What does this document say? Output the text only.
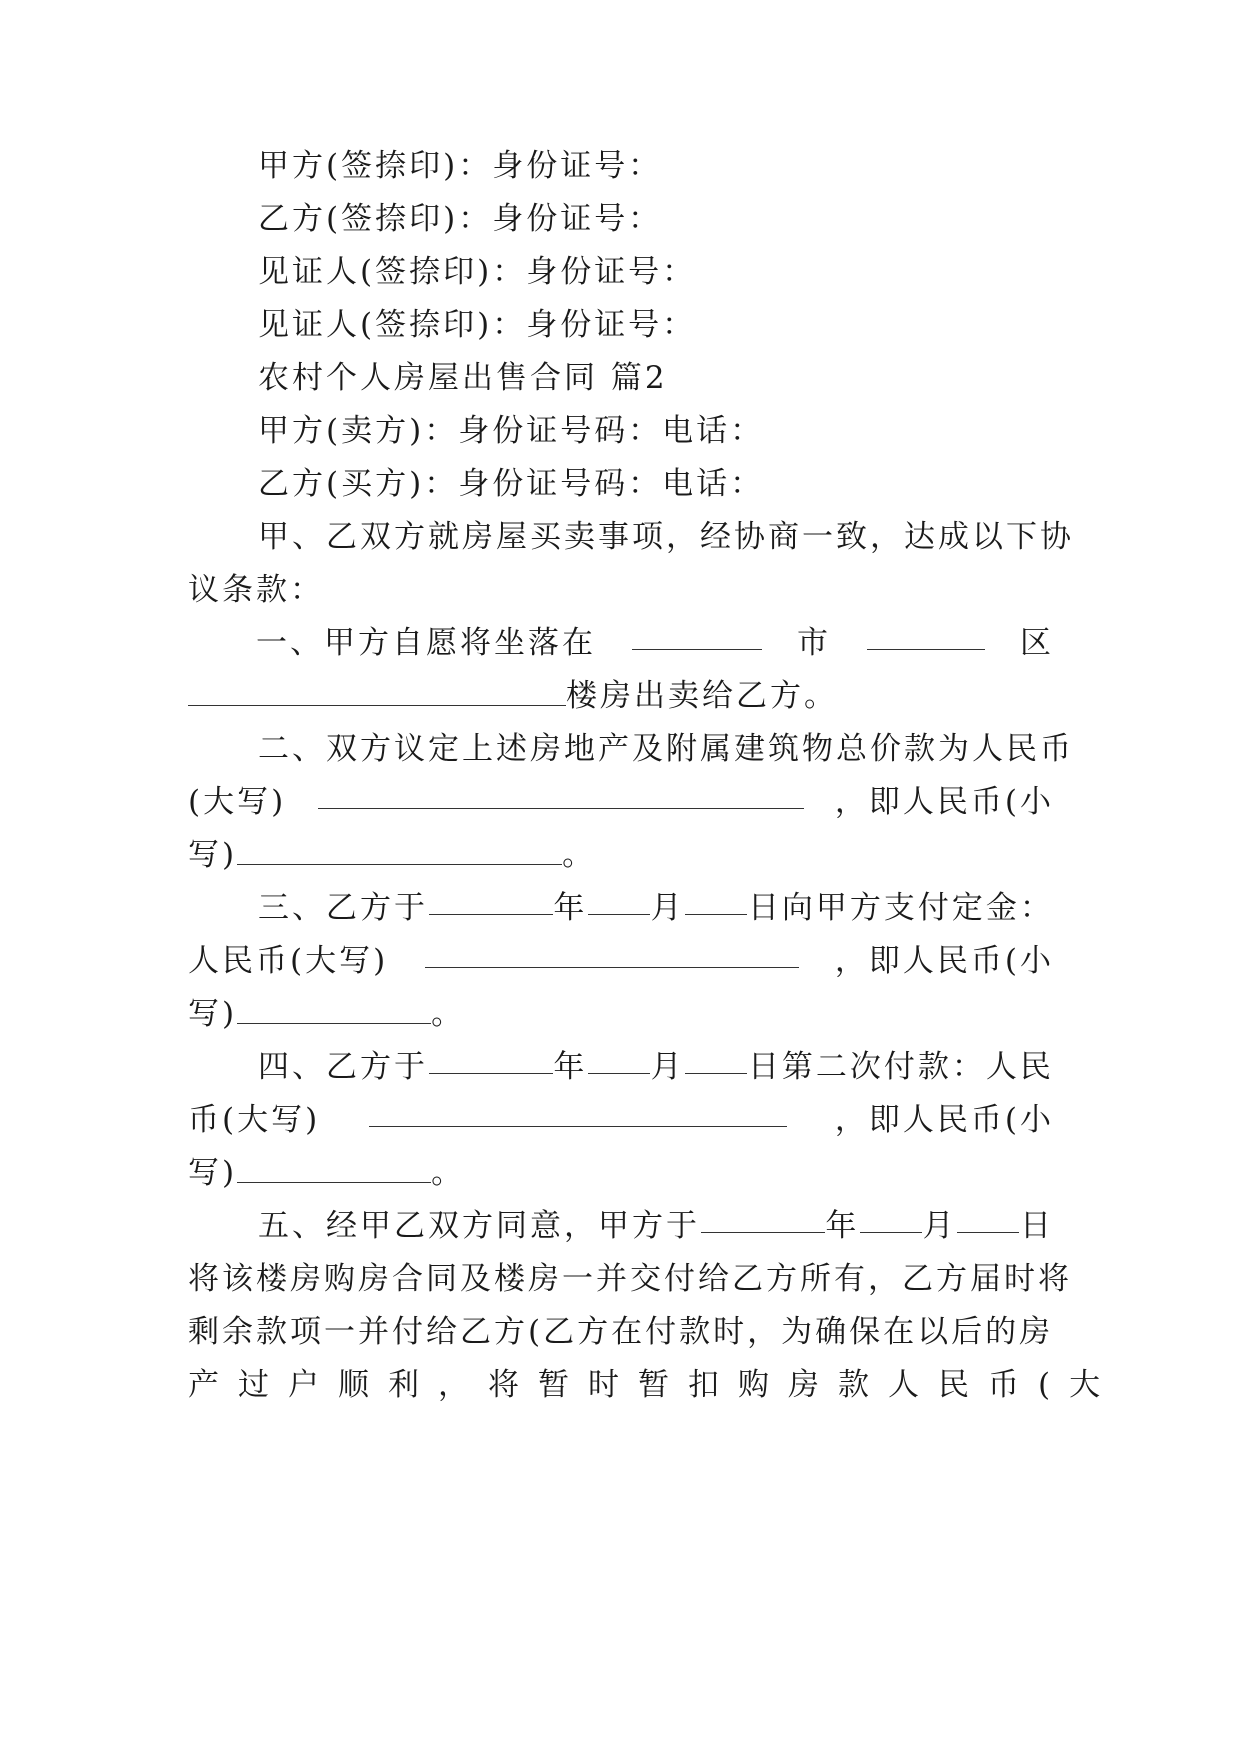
甲方(签捺印)：身份证号：
乙方(签捺印)：身份证号：
见证人(签捺印)：身份证号：
见证人(签捺印)：身份证号：
农村个人房屋出售合同 篇2
甲方(卖方)：身份证号码：电话：
乙方(买方)：身份证号码：电话：
甲、乙双方就房屋买卖事项，经协商一致，达成以下协
议条款：
一、甲方自愿将坐落在	市	区
楼房出卖给乙方。
二、双方议定上述房地产及附属建筑物总价款为人民币
(大写)	，即人民币(小
写)	。
三、乙方于	年 月 日向甲方支付定金：
人民币(大写)	，即人民币(小
写)	。
四、乙方于	年 月 日第二次付款：人民
币(大写)	，即人民币(小
写)	。
五、经甲乙双方同意，甲方于	年 月 日
将该楼房购房合同及楼房一并交付给乙方所有，乙方届时将
剩余款项一并付给乙方(乙方在付款时，为确保在以后的房
产过户顺利，将暂时暂扣购房款人民币(大
